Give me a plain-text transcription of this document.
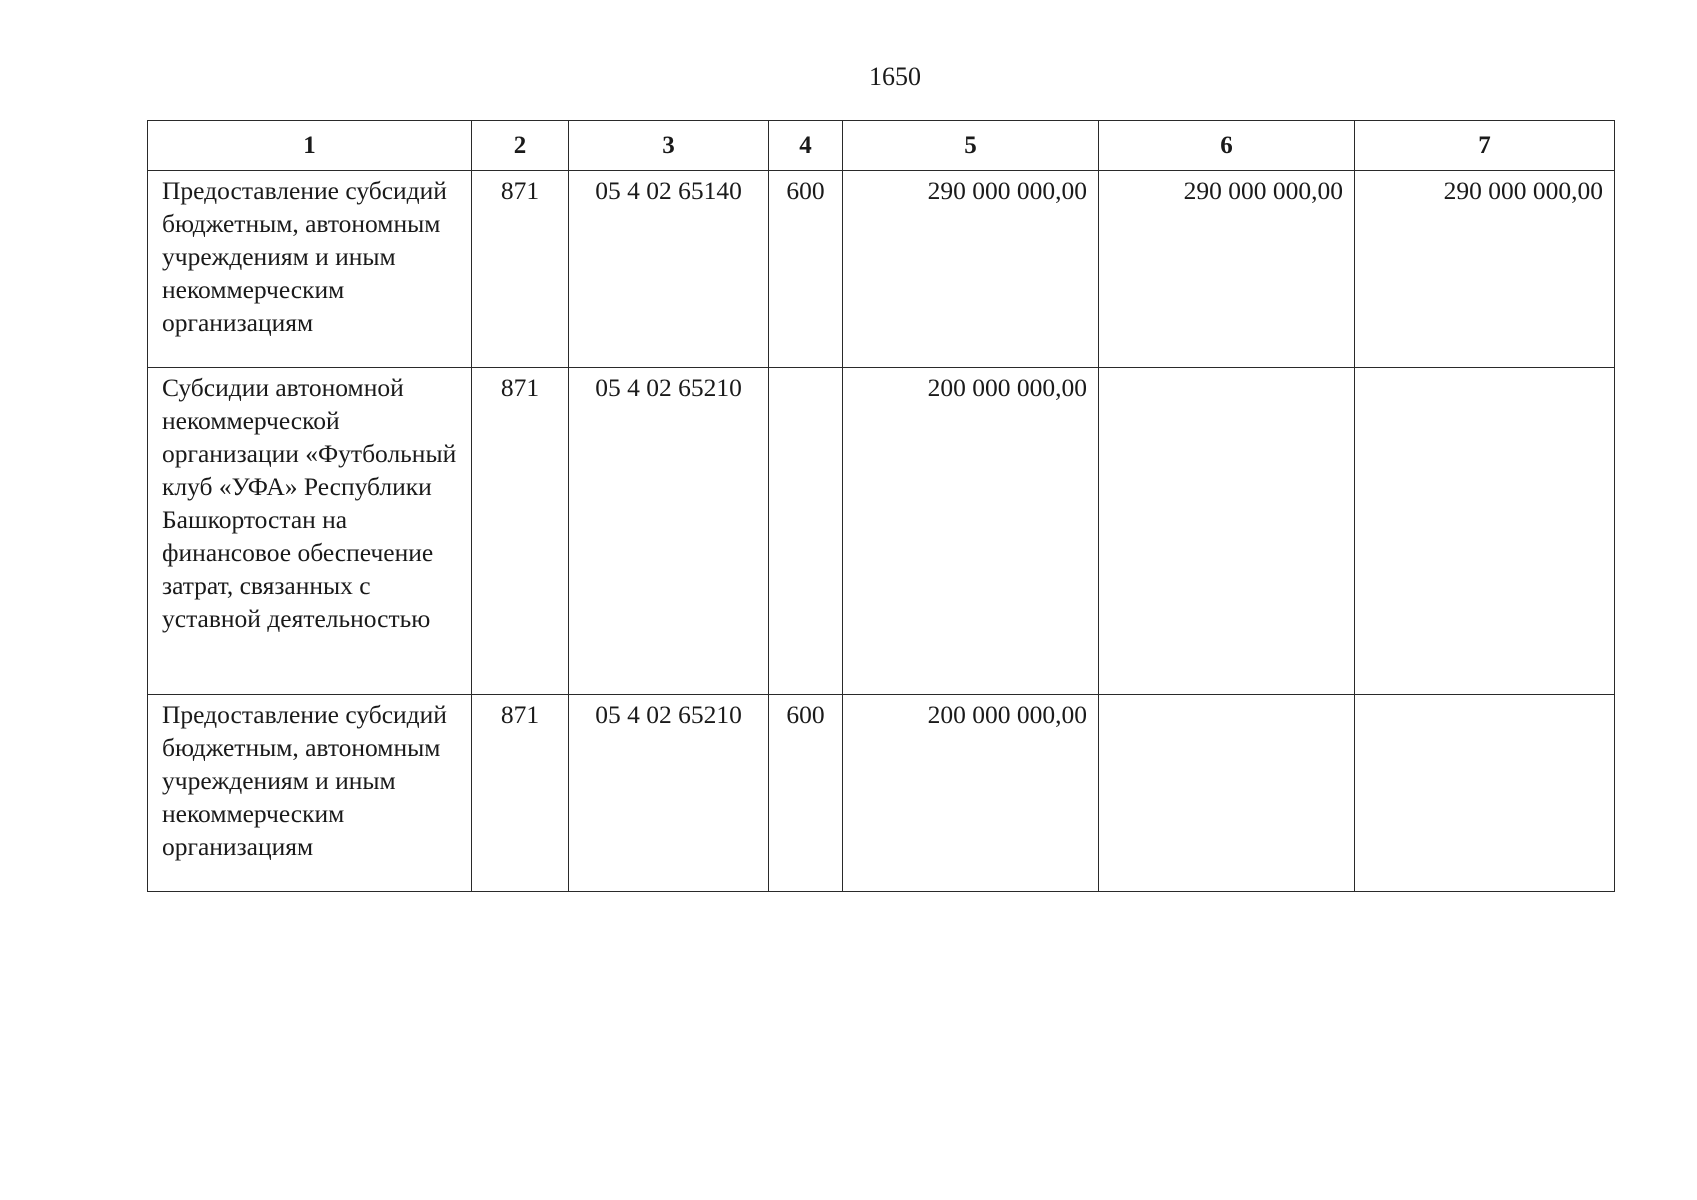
1650
1	2	3	4	5	6	7
Предоставление субсидий бюджетным, автономным учреждениям и иным некоммерческим организациям	871	05 4 02 65140	600	290 000 000,00	290 000 000,00	290 000 000,00
Субсидии автономной некоммерческой организации «Футбольный клуб «УФА» Республики Башкортостан на финансовое обеспечение затрат, связанных с уставной деятельностью	871	05 4 02 65210		200 000 000,00		
Предоставление субсидий бюджетным, автономным учреждениям и иным некоммерческим организациям	871	05 4 02 65210	600	200 000 000,00		
